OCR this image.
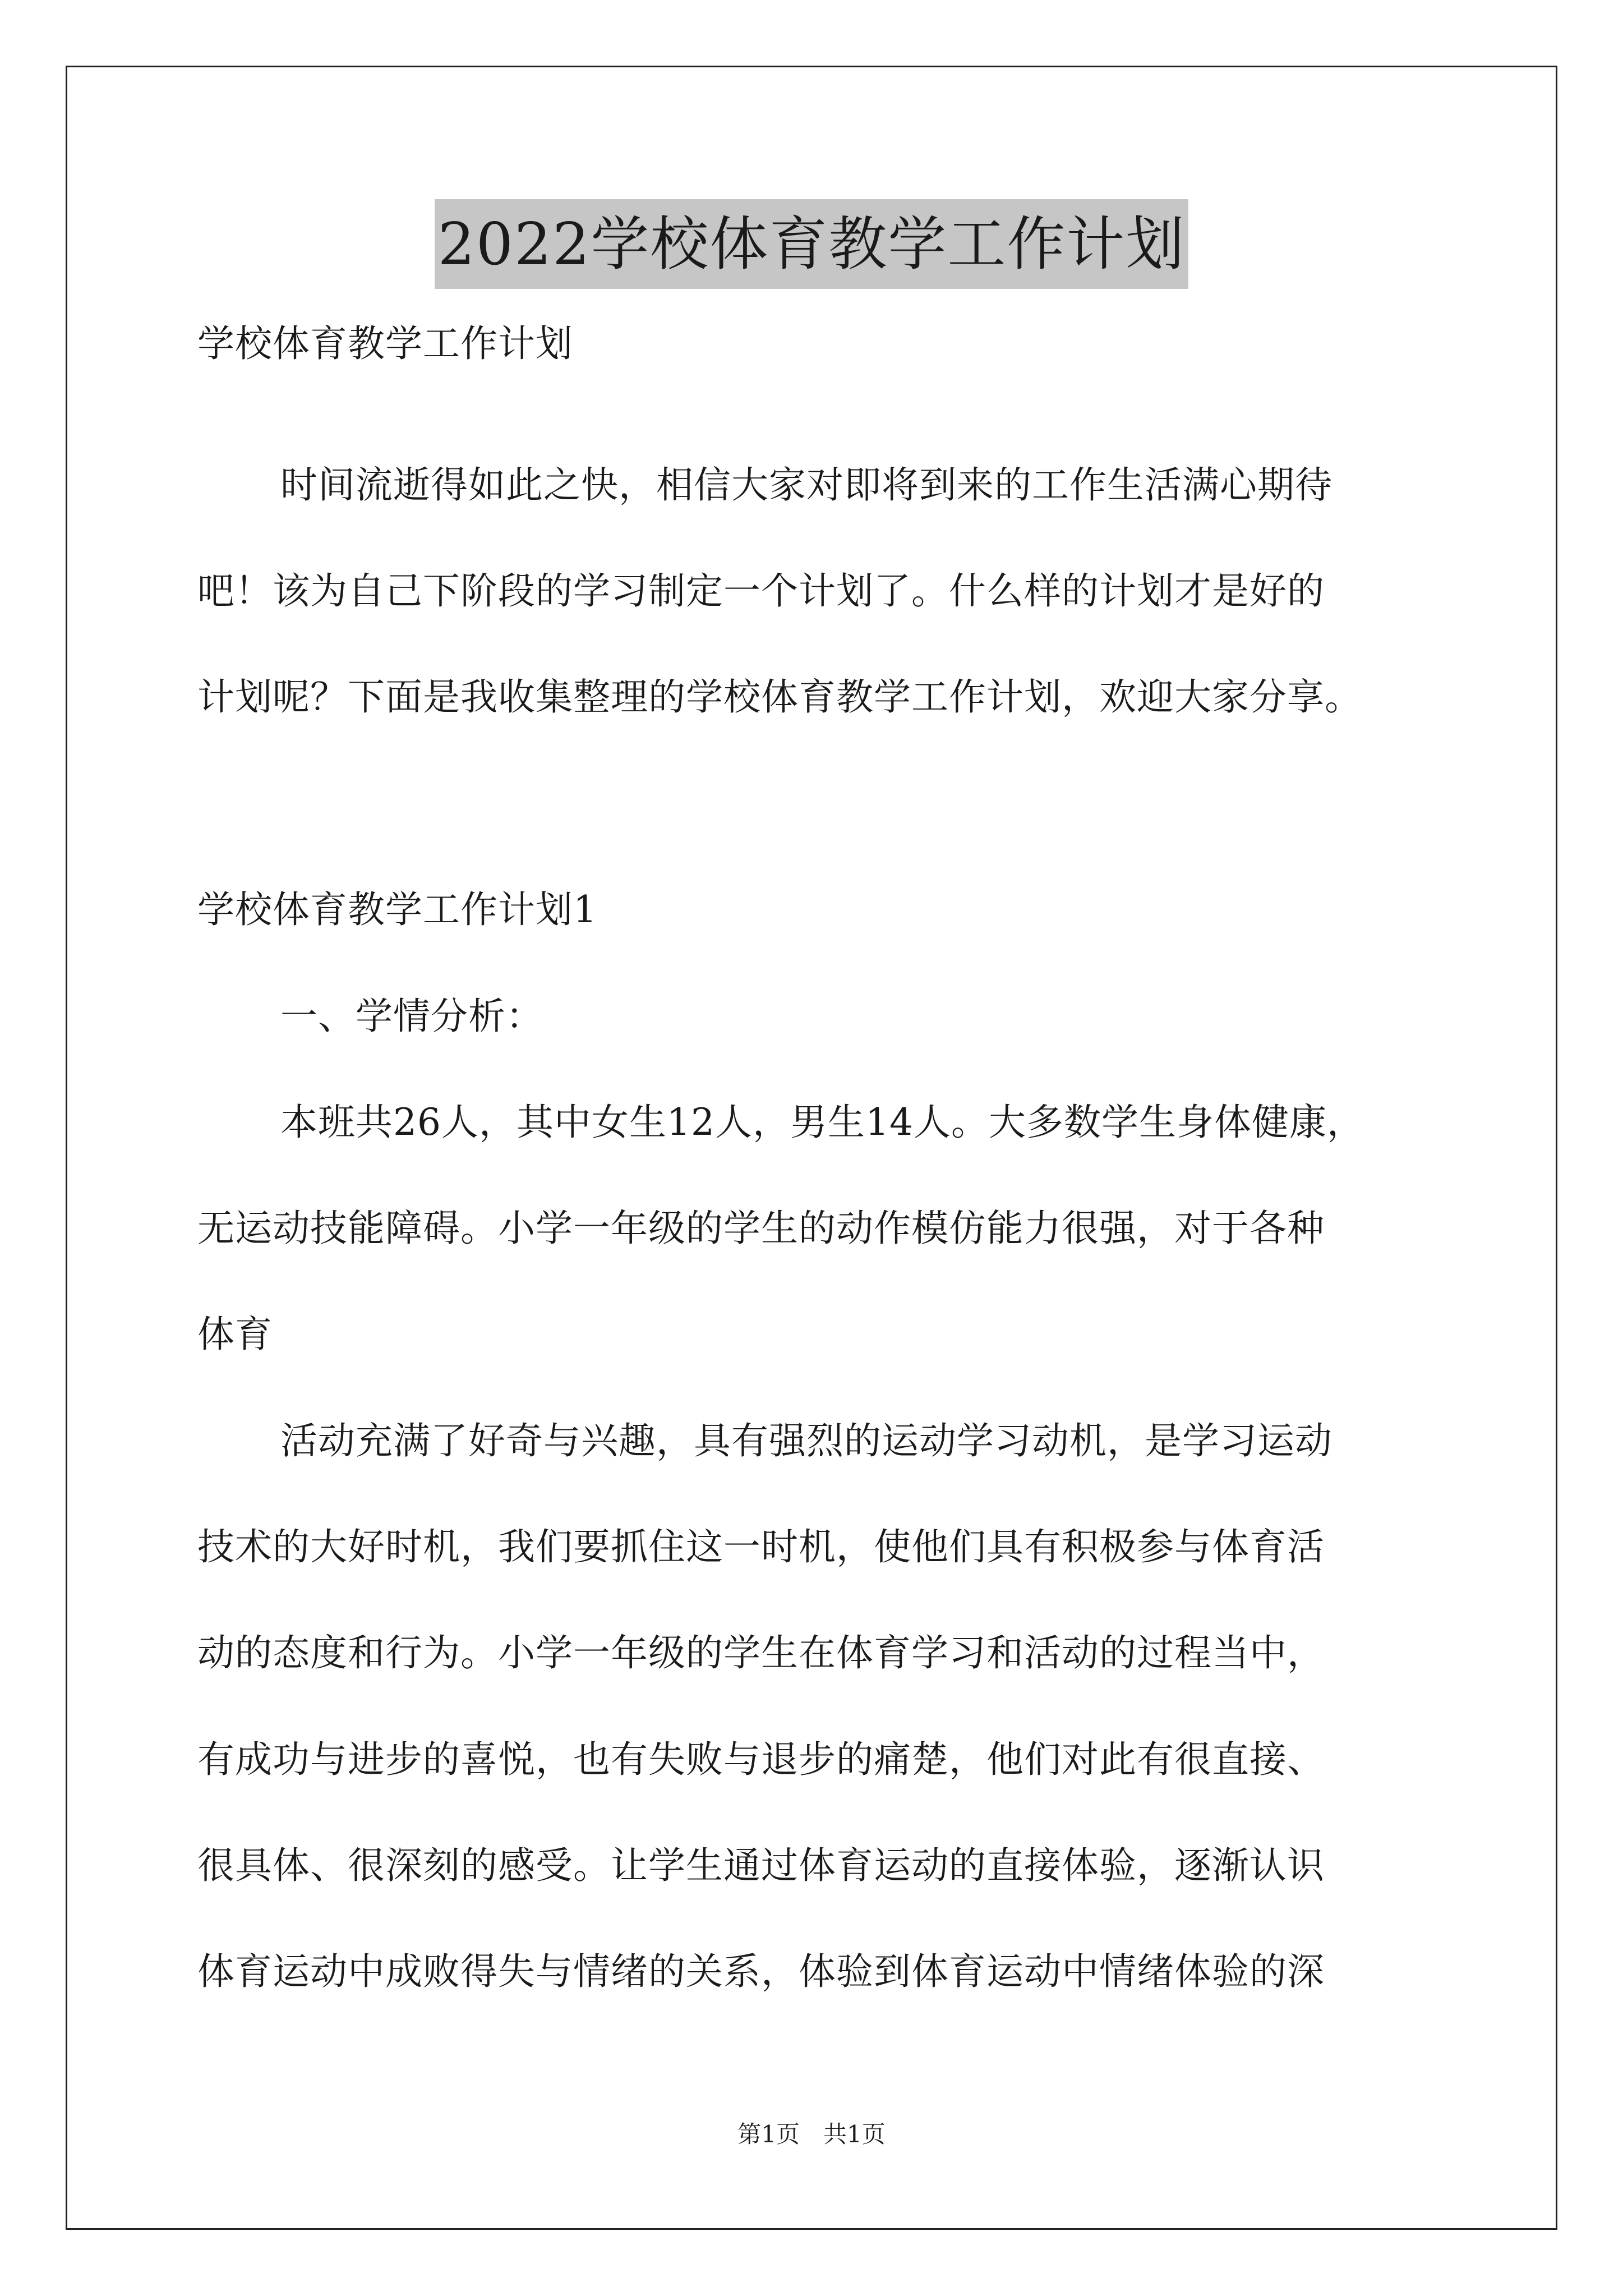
2022学校体育教学工作计划
学校体育教学工作计划
时间流逝得如此之快，相信大家对即将到来的工作生活满心期待
吧！该为自己下阶段的学习制定一个计划了。什么样的计划才是好的
计划呢？下面是我收集整理的学校体育教学工作计划，欢迎大家分享。
学校体育教学工作计划1
一、学情分析：
本班共26人，其中女生12人，男生14人。大多数学生身体健康，
无运动技能障碍。小学一年级的学生的动作模仿能力很强，对于各种
体育
活动充满了好奇与兴趣，具有强烈的运动学习动机，是学习运动
技术的大好时机，我们要抓住这一时机，使他们具有积极参与体育活
动的态度和行为。小学一年级的学生在体育学习和活动的过程当中，
有成功与进步的喜悦，也有失败与退步的痛楚，他们对此有很直接、
很具体、很深刻的感受。让学生通过体育运动的直接体验，逐渐认识
体育运动中成败得失与情绪的关系，体验到体育运动中情绪体验的深
第1页　共1页
